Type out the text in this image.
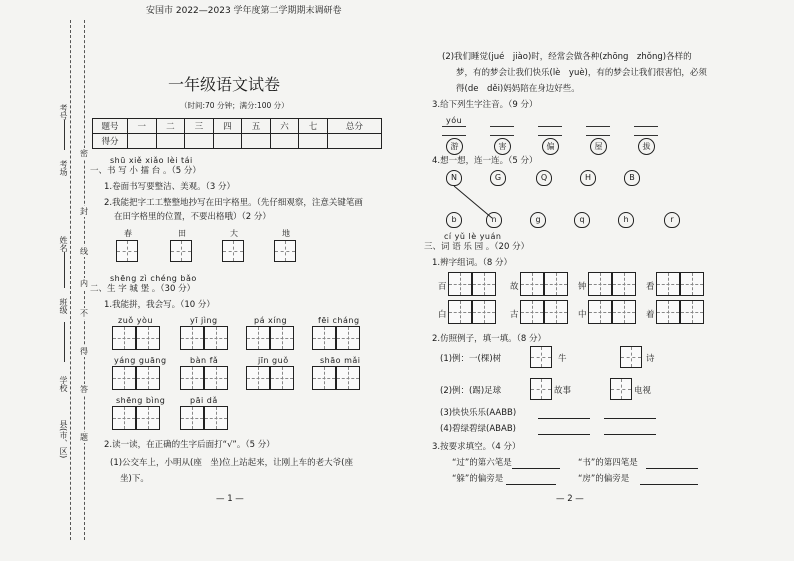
考号
考场
姓名
班级
学校
县(市、区)
密
封
线
内
不
得
答
题
安国市 2022—2023 学年度第二学期期末调研卷
一年级语文试卷
（时间:70 分钟；满分:100 分）
题号	一	二	三	四	五	六	七	总分
得分								
shū xiě xiǎo lèi tái
一、书 写 小 擂 台 。（5 分）
1.卷面书写要整洁、美观。（3 分）
2.我能把字工工整整地抄写在田字格里。（先仔细观察，注意关键笔画
在田字格里的位置，不要出格哦）（2 分）
春	田	大	地
shēng zì chéng bǎo
二、生 字 城 堡 。（30 分）
1.我能拼，我会写。（10 分）
zuǒ yòu	yī jìng	pá xíng	fēi cháng
yáng guāng	bàn fǎ	jīn guǒ	shāo mǎi
shēng bìng	pāi dǎ
2.读一读，在正确的生字后面打“√”。（5 分）
(1)公交车上，小明从(座　坐)位上站起来，让刚上车的老大爷(座
坐)下。
— 1 —
(2)我们睡觉(jué　jiào)时，经常会做各种(zhōng　zhǒng)各样的
梦，有的梦会让我们快乐(lè　yuè)，有的梦会让我们很害怕，必须
得(de　děi)妈妈陪在身边好些。
3.给下列生字注音。（9 分）
yóu
游	害	偏	屋	拔
4.想一想，连一连。（5 分）
N	G	Q	H	B
b	n	g	q	h	r
cí yǔ lè yuán
三、词 语 乐 园 。（20 分）
1.辨字组词。（8 分）
百	故	钟	看
白	古	中	着
2.仿照例子，填一填。（8 分）
(1)例：一(棵)树	牛	诗
(2)例：(踢)足球	故事	电视
(3)快快乐乐(AABB)
(4)碧绿碧绿(ABAB)
3.按要求填空。（4 分）
“过”的第六笔是	“书”的第四笔是
“躲”的偏旁是	“房”的偏旁是
— 2 —
